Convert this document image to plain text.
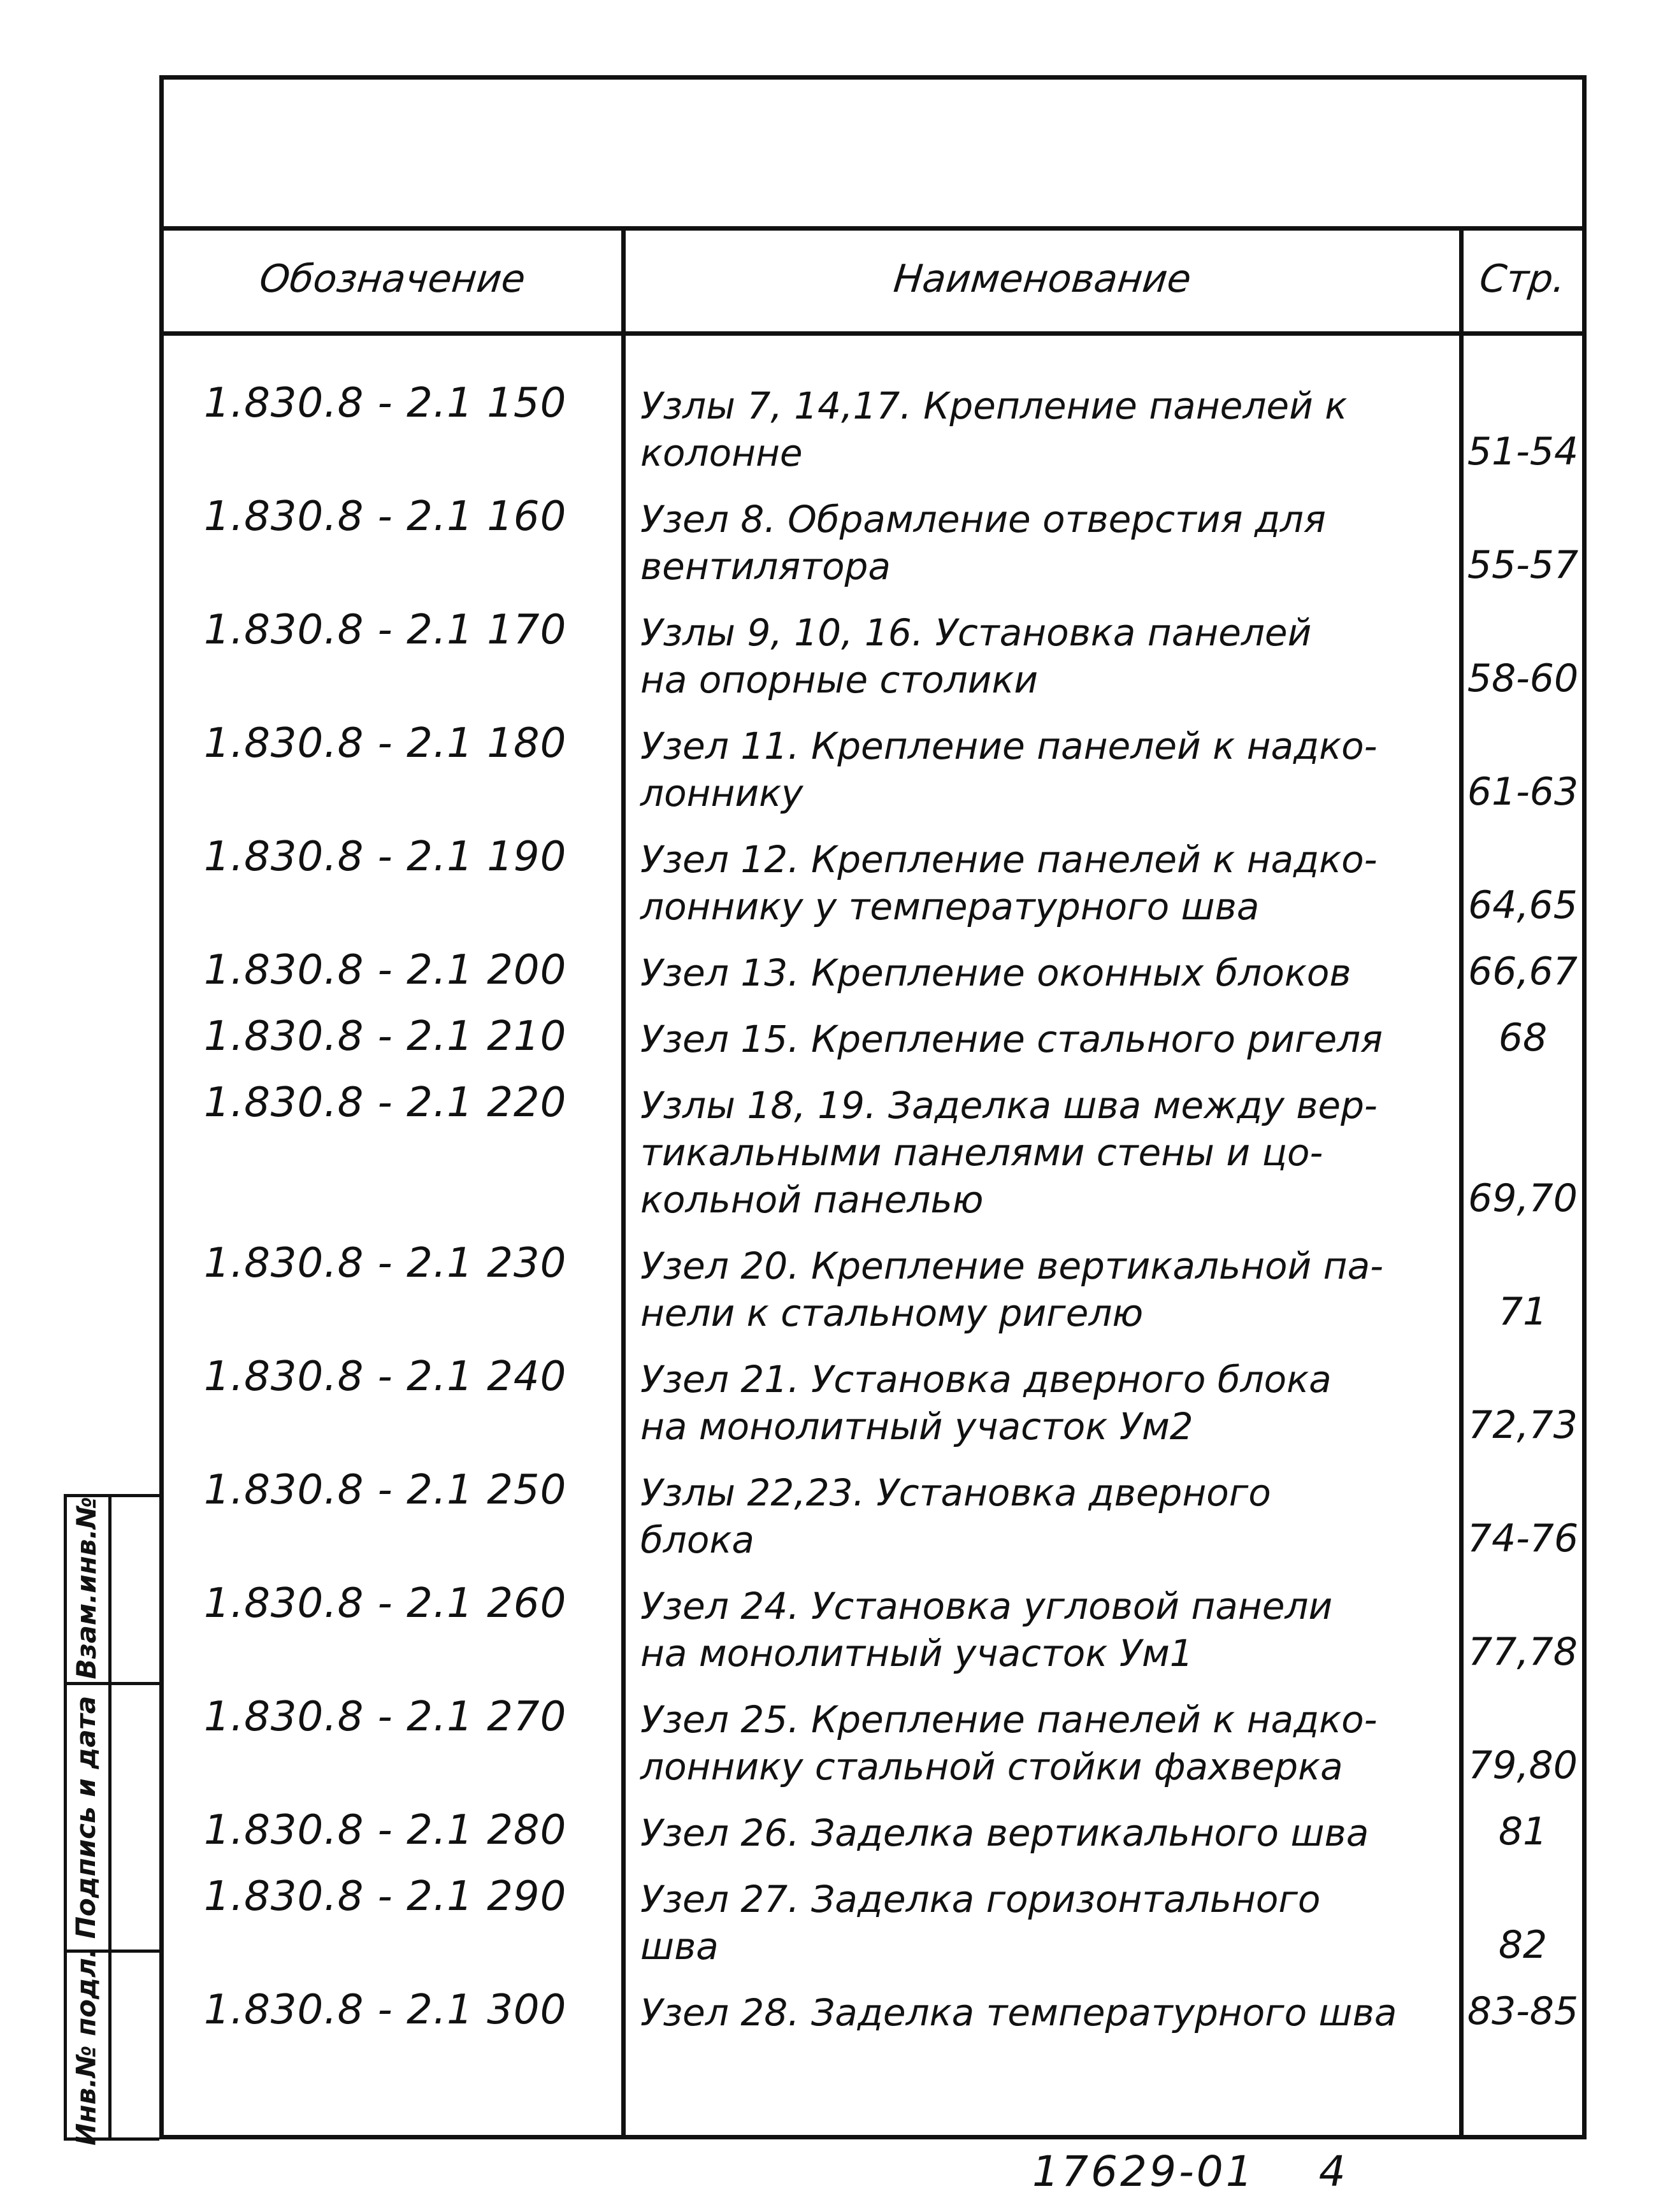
Обозначение	Наименование	Стр.
1.830.8 - 2.1 150 Узлы 7, 14,17. Крепление панелей к
колонне	51-54
1.830.8 - 2.1 160 Узел 8. Обрамление отверстия для
вентилятора	55-57
1.830.8 - 2.1 170 Узлы 9, 10, 16. Установка панелей
на опорные столики	58-60
1.830.8 - 2.1 180 Узел 11. Крепление панелей к надко-
лоннику	61-63
1.830.8 - 2.1 190 Узел 12. Крепление панелей к надко-
лоннику у температурного шва	64,65
1.830.8 - 2.1 200 Узел 13. Крепление оконных блоков	66,67
1.830.8 - 2.1 210 Узел 15. Крепление стального ригеля	68
1.830.8 - 2.1 220 Узлы 18, 19. Заделка шва между вер-
тикальными панелями стены и цо-
кольной панелью	69,70
1.830.8 - 2.1 230 Узел 20. Крепление вертикальной па-
нели к стальному ригелю	71
1.830.8 - 2.1 240 Узел 21. Установка дверного блока
на монолитный участок Ум2	72,73
1.830.8 - 2.1 250 Узлы 22,23. Установка дверного
блока	74-76
1.830.8 - 2.1 260 Узел 24. Установка угловой панели
на монолитный участок Ум1	77,78
1.830.8 - 2.1 270 Узел 25. Крепление панелей к надко-
лоннику стальной стойки фахверка	79,80
1.830.8 - 2.1 280 Узел 26. Заделка вертикального шва	81
1.830.8 - 2.1 290 Узел 27. Заделка горизонтального
шва	82
1.830.8 - 2.1 300 Узел 28. Заделка температурного шва	83-85
Взам.инв.№
Подпись и дата
Инв.№ подл.
17629-01 4
